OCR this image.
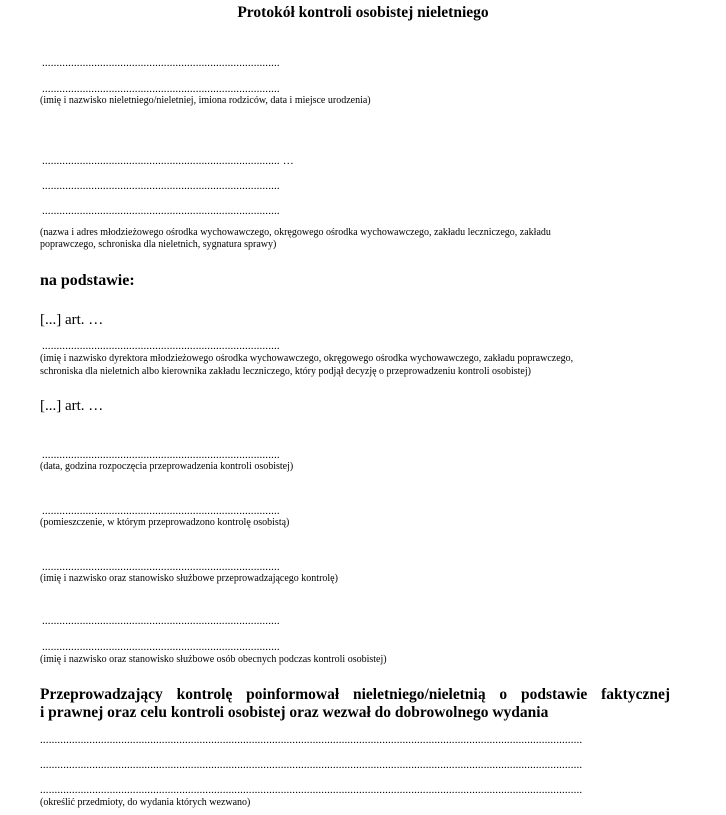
Protokół kontroli osobistej nieletniego
..................................................................................
..................................................................................
(imię i nazwisko nieletniego/nieletniej, imiona rodziców, data i miejsce urodzenia)
.................................................................................. …
..................................................................................
..................................................................................
(nazwa i adres młodzieżowego ośrodka wychowawczego, okręgowego ośrodka wychowawczego, zakładu leczniczego, zakładu
poprawczego, schroniska dla nieletnich, sygnatura sprawy)
na podstawie:
[...] art. …
..................................................................................
(imię i nazwisko dyrektora młodzieżowego ośrodka wychowawczego, okręgowego ośrodka wychowawczego, zakładu poprawczego,
schroniska dla nieletnich albo kierownika zakładu leczniczego, który podjął decyzję o przeprowadzeniu kontroli osobistej)
[...] art. …
..................................................................................
(data, godzina rozpoczęcia przeprowadzenia kontroli osobistej)
..................................................................................
(pomieszczenie, w którym przeprowadzono kontrolę osobistą)
..................................................................................
(imię i nazwisko oraz stanowisko służbowe przeprowadzającego kontrolę)
..................................................................................
..................................................................................
(imię i nazwisko oraz stanowisko służbowe osób obecnych podczas kontroli osobistej)
Przeprowadzający kontrolę poinformował nieletniego/nieletnią o podstawie faktycznej
i prawnej oraz celu kontroli osobistej oraz wezwał do dobrowolnego wydania
...........................................................................................................................................................................................
...........................................................................................................................................................................................
...........................................................................................................................................................................................
(określić przedmioty, do wydania których wezwano)
